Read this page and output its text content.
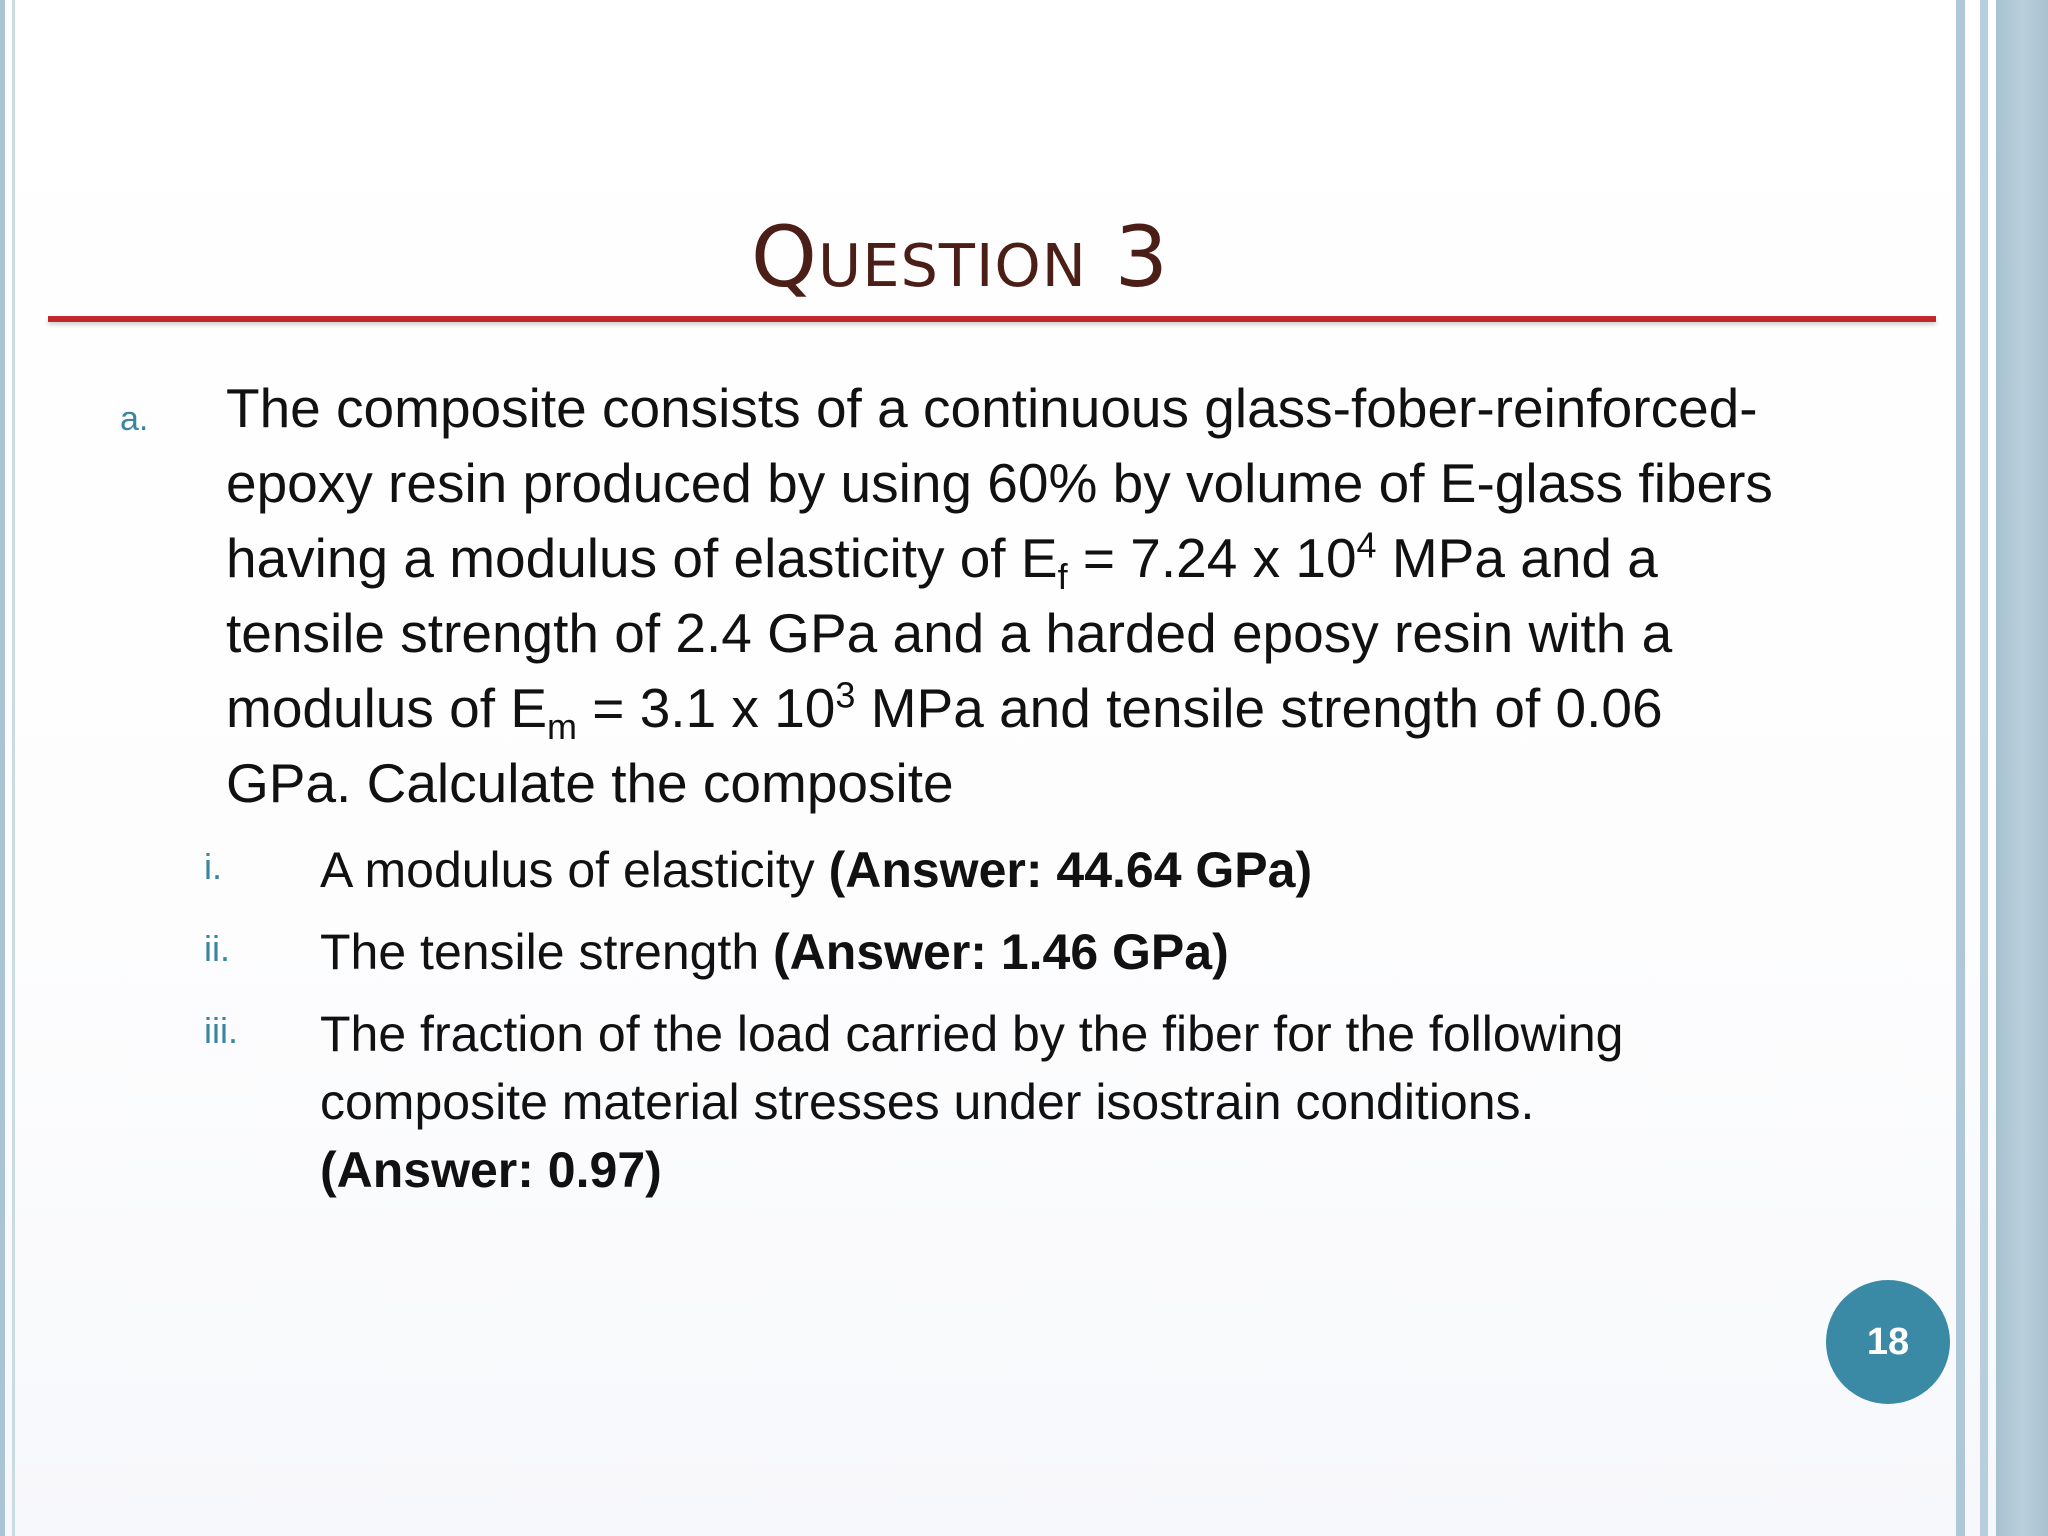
Question 3
a. The composite consists of a continuous glass-fober-reinforced-epoxy resin produced by using 60% by volume of E-glass fibers having a modulus of elasticity of $E_f = 7.24$ x $10^4$ MPa and a tensile strength of 2.4 GPa and a harded eposy resin with a modulus of $E_m = 3.1$ x $10^3$ MPa and tensile strength of 0.06 GPa. Calculate the composite

i. A modulus of elasticity (Answer: 44.64 GPa)
ii. The tensile strength (Answer: 1.46 GPa)
iii. The fraction of the load carried by the fiber for the following composite material stresses under isostrain conditions.
(Answer: 0.97)
18
